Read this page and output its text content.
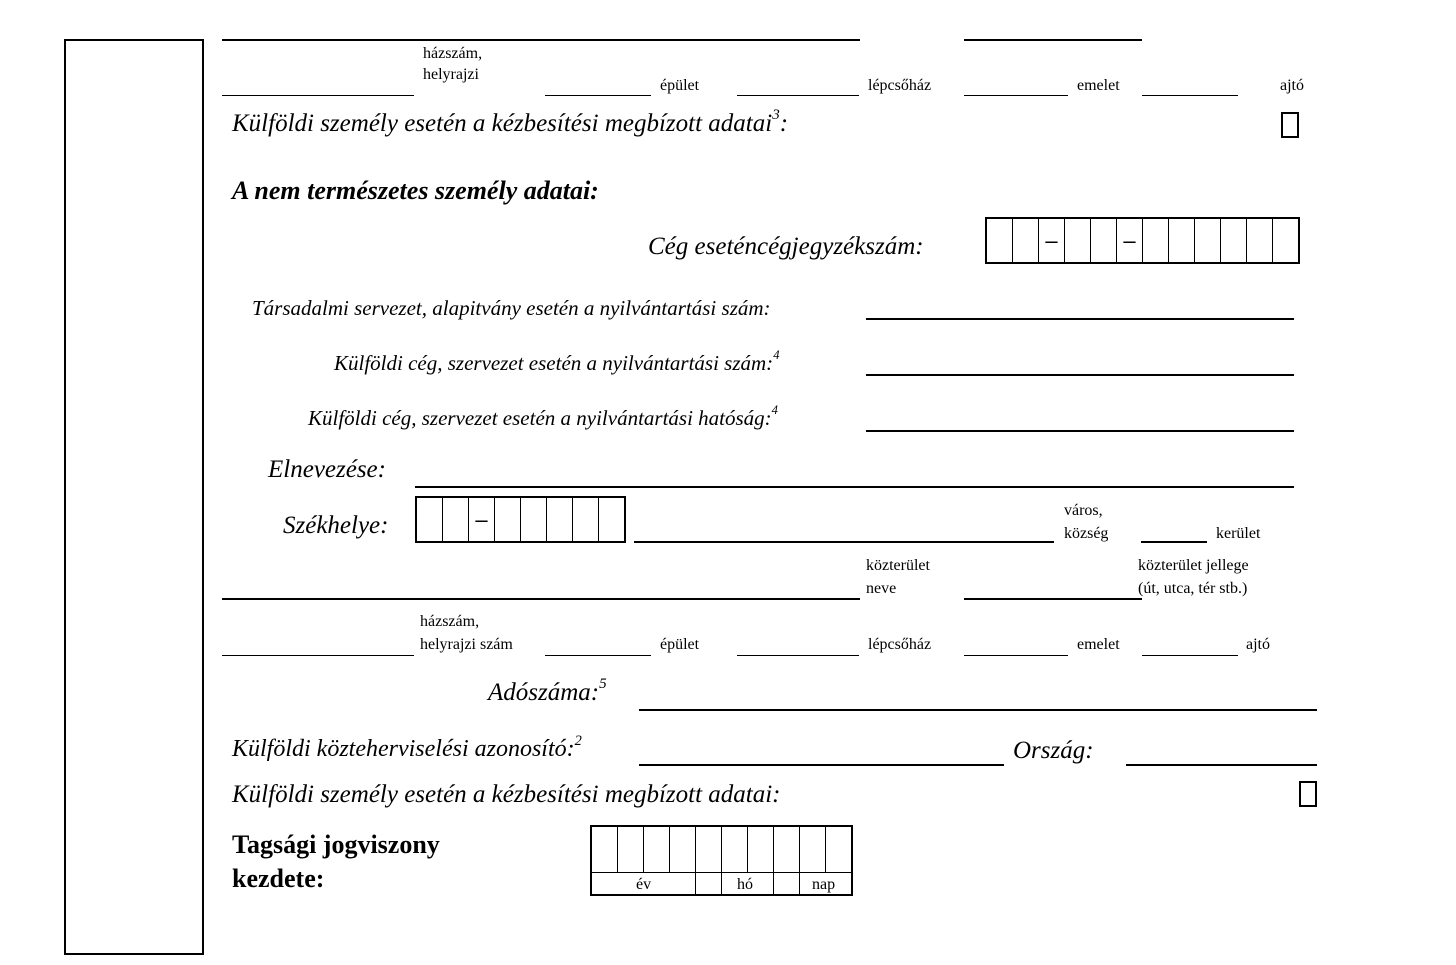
házszám,
helyrajzi
épület	lépcsőház	emelet	ajtó
Külföldi személy esetén a kézbesítési megbízott adatai$^3$:
A nem természetes személy adatai:
Cég eseténcégjegyzékszám:	–	–
Társadalmi servezet, alapitvány esetén a nyilvántartási szám:
Külföldi cég, szervezet esetén a nyilvántartási szám:$^4$
Külföldi cég, szervezet esetén a nyilvántartási hatóság:$^4$
Elnevezése:
Székhelye:	–	város,
község	kerület
közterület
neve
közterület jellege
(út, utca, tér stb.)
házszám,
helyrajzi szám	épület	lépcsőház	emelet	ajtó
Adószáma:$^5$
Külföldi közteherviselési azonosító:$^2$	Ország:
Külföldi személy esetén a kézbesítési megbízott adatai:
Tagsági jogviszony
kezdete:	év	hó	nap
